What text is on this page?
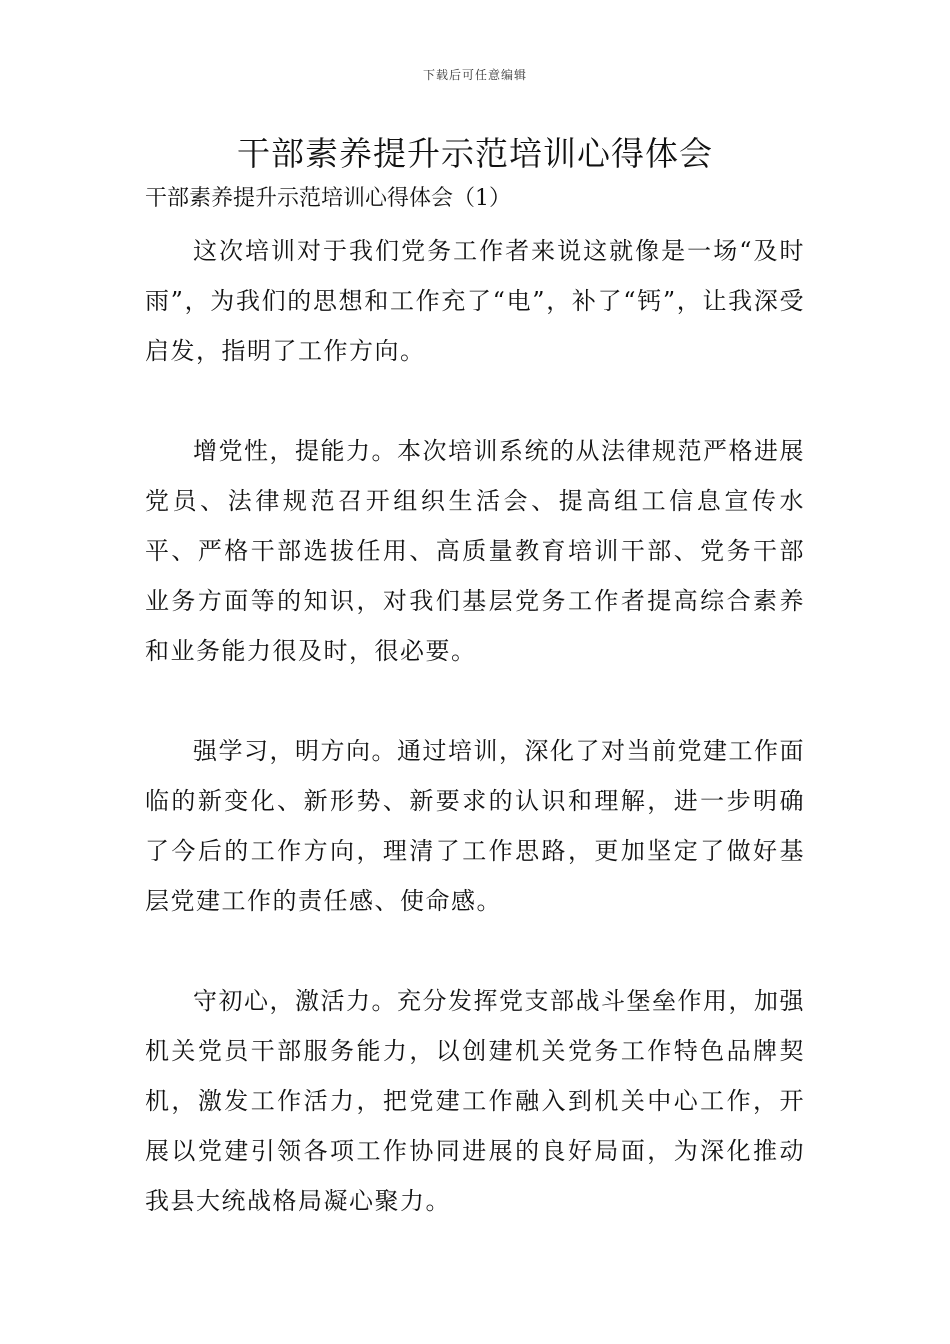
下载后可任意编辑
干部素养提升示范培训心得体会

干部素养提升示范培训心得体会（1）

这次培训对于我们党务工作者来说这就像是一场“及时雨”，为我们的思想和工作充了“电”，补了“钙”，让我深受启发，指明了工作方向。

增党性，提能力。本次培训系统的从法律规范严格进展党员、法律规范召开组织生活会、提高组工信息宣传水平、严格干部选拔任用、高质量教育培训干部、党务干部业务方面等的知识，对我们基层党务工作者提高综合素养和业务能力很及时，很必要。

强学习，明方向。通过培训，深化了对当前党建工作面临的新变化、新形势、新要求的认识和理解，进一步明确了今后的工作方向，理清了工作思路，更加坚定了做好基层党建工作的责任感、使命感。

守初心，激活力。充分发挥党支部战斗堡垒作用，加强机关党员干部服务能力，以创建机关党务工作特色品牌契机，激发工作活力，把党建工作融入到机关中心工作，开展以党建引领各项工作协同进展的良好局面，为深化推动我县大统战格局凝心聚力。
